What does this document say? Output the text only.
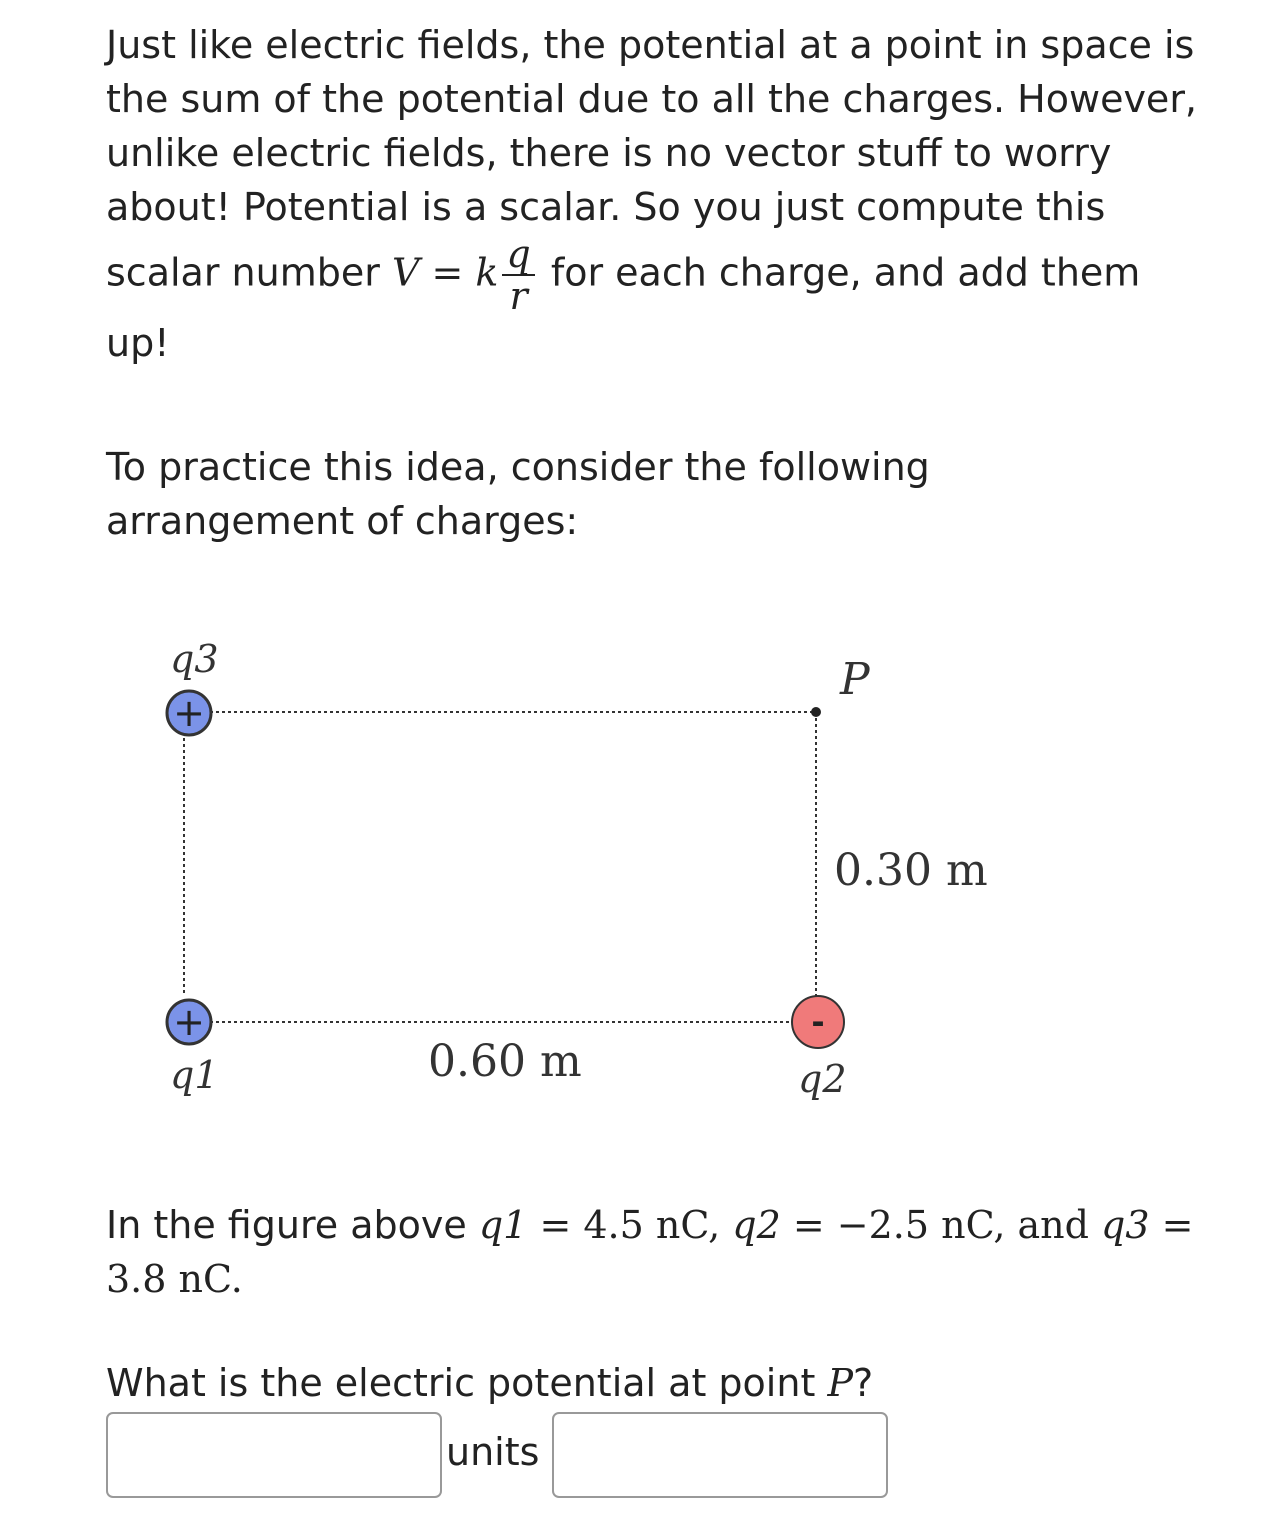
Just like electric fields, the potential at a point in space is the sum of the potential due to all the charges. However, unlike electric fields, there is no vector stuff to worry about! Potential is a scalar. So you just compute this scalar number V = k $\frac{q}{r}$ for each charge, and add them up!

To practice this idea, consider the following arrangement of charges:

P
q3
+
+
q1
-
q2
0.60 m
0.30 m

In the figure above q1 = 4.5 nC, q2 = −2.5 nC, and q3 = 3.8 nC.

What is the electric potential at point P?

units
